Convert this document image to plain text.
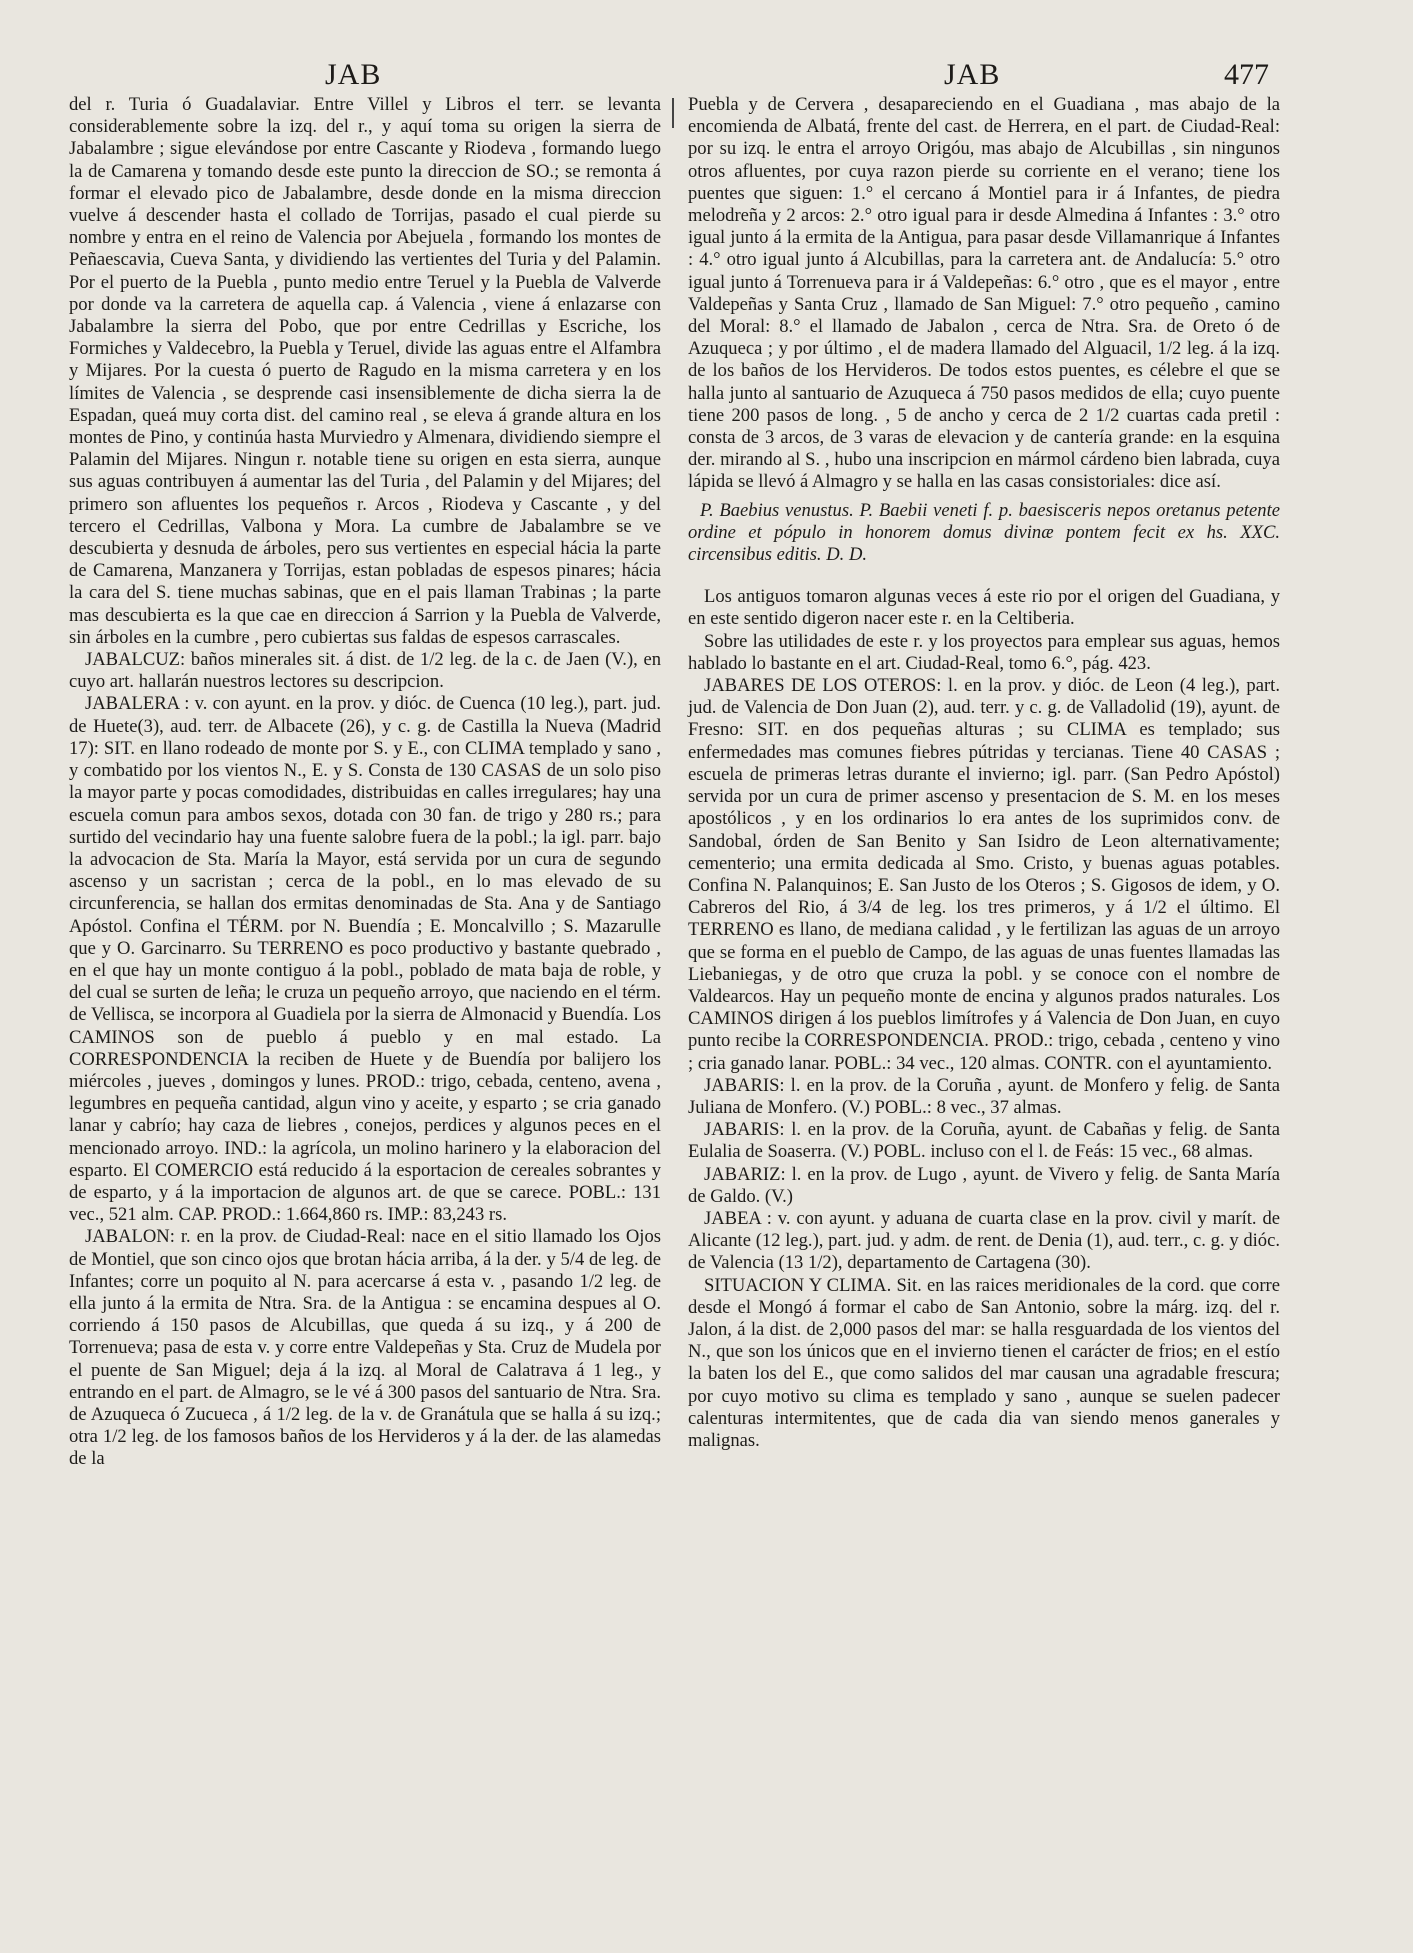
JAB	JAB	477

del r. Turia ó Guadalaviar. Entre Villel y Libros el terr. se levanta considerablemente sobre la izq. del r., y aquí toma su origen la sierra de Jabalambre ; sigue elevándose por entre Cascante y Riodeva , formando luego la de Camarena y tomando desde este punto la direccion de SO.; se remonta á formar el elevado pico de Jabalambre, desde donde en la misma direccion vuelve á descender hasta el collado de Torrijas, pasado el cual pierde su nombre y entra en el reino de Valencia por Abejuela , formando los montes de Peñaescavia, Cueva Santa, y dividiendo las vertientes del Turia y del Palamin. Por el puerto de la Puebla , punto medio entre Teruel y la Puebla de Valverde por donde va la carretera de aquella cap. á Valencia , viene á enlazarse con Jabalambre la sierra del Pobo, que por entre Cedrillas y Escriche, los Formiches y Valdecebro, la Puebla y Teruel, divide las aguas entre el Alfambra y Mijares. Por la cuesta ó puerto de Ragudo en la misma carretera y en los límites de Valencia , se desprende casi insensiblemente de dicha sierra la de Espadan, queá muy corta dist. del camino real , se eleva á grande altura en los montes de Pino, y continúa hasta Murviedro y Almenara, dividiendo siempre el Palamin del Mijares. Ningun r. notable tiene su origen en esta sierra, aunque sus aguas contribuyen á aumentar las del Turia , del Palamin y del Mijares; del primero son afluentes los pequeños r. Arcos , Riodeva y Cascante , y del tercero el Cedrillas, Valbona y Mora. La cumbre de Jabalambre se ve descubierta y desnuda de árboles, pero sus vertientes en especial hácia la parte de Camarena, Manzanera y Torrijas, estan pobladas de espesos pinares; hácia la cara del S. tiene muchas sabinas, que en el pais llaman Trabinas ; la parte mas descubierta es la que cae en direccion á Sarrion y la Puebla de Valverde, sin árboles en la cumbre , pero cubiertas sus faldas de espesos carrascales.

JABALCUZ: baños minerales sit. á dist. de 1/2 leg. de la c. de Jaen (V.), en cuyo art. hallarán nuestros lectores su descripcion.

JABALERA : v. con ayunt. en la prov. y dióc. de Cuenca (10 leg.), part. jud. de Huete(3), aud. terr. de Albacete (26), y c. g. de Castilla la Nueva (Madrid 17): SIT. en llano rodeado de monte por S. y E., con CLIMA templado y sano , y combatido por los vientos N., E. y S. Consta de 130 CASAS de un solo piso la mayor parte y pocas comodidades, distribuidas en calles irregulares; hay una escuela comun para ambos sexos, dotada con 30 fan. de trigo y 280 rs.; para surtido del vecindario hay una fuente salobre fuera de la pobl.; la igl. parr. bajo la advocacion de Sta. María la Mayor, está servida por un cura de segundo ascenso y un sacristan ; cerca de la pobl., en lo mas elevado de su circunferencia, se hallan dos ermitas denominadas de Sta. Ana y de Santiago Apóstol. Confina el TÉRM. por N. Buendía ; E. Moncalvillo ; S. Mazarulle que y O. Garcinarro. Su TERRENO es poco productivo y bastante quebrado , en el que hay un monte contiguo á la pobl., poblado de mata baja de roble, y del cual se surten de leña; le cruza un pequeño arroyo, que naciendo en el térm. de Vellisca, se incorpora al Guadiela por la sierra de Almonacid y Buendía. Los CAMINOS son de pueblo á pueblo y en mal estado. La CORRESPONDENCIA la reciben de Huete y de Buendía por balijero los miércoles , jueves , domingos y lunes. PROD.: trigo, cebada, centeno, avena , legumbres en pequeña cantidad, algun vino y aceite, y esparto ; se cria ganado lanar y cabrío; hay caza de liebres , conejos, perdices y algunos peces en el mencionado arroyo. IND.: la agrícola, un molino harinero y la elaboracion del esparto. El COMERCIO está reducido á la esportacion de cereales sobrantes y de esparto, y á la importacion de algunos art. de que se carece. POBL.: 131 vec., 521 alm. CAP. PROD.: 1.664,860 rs. IMP.: 83,243 rs.

JABALON: r. en la prov. de Ciudad-Real: nace en el sitio llamado los Ojos de Montiel, que son cinco ojos que brotan hácia arriba, á la der. y 5/4 de leg. de Infantes; corre un poquito al N. para acercarse á esta v. , pasando 1/2 leg. de ella junto á la ermita de Ntra. Sra. de la Antigua : se encamina despues al O. corriendo á 150 pasos de Alcubillas, que queda á su izq., y á 200 de Torrenueva; pasa de esta v. y corre entre Valdepeñas y Sta. Cruz de Mudela por el puente de San Miguel; deja á la izq. al Moral de Calatrava á 1 leg., y entrando en el part. de Almagro, se le vé á 300 pasos del santuario de Ntra. Sra. de Azuqueca ó Zucueca , á 1/2 leg. de la v. de Granátula que se halla á su izq.; otra 1/2 leg. de los famosos baños de los Hervideros y á la der. de las alamedas de la

Puebla y de Cervera , desapareciendo en el Guadiana , mas abajo de la encomienda de Albatá, frente del cast. de Herrera, en el part. de Ciudad-Real: por su izq. le entra el arroyo Origóu, mas abajo de Alcubillas , sin ningunos otros afluentes, por cuya razon pierde su corriente en el verano; tiene los puentes que siguen: 1.° el cercano á Montiel para ir á Infantes, de piedra melodreña y 2 arcos: 2.° otro igual para ir desde Almedina á Infantes : 3.° otro igual junto á la ermita de la Antigua, para pasar desde Villamanrique á Infantes : 4.° otro igual junto á Alcubillas, para la carretera ant. de Andalucía: 5.° otro igual junto á Torrenueva para ir á Valdepeñas: 6.° otro , que es el mayor , entre Valdepeñas y Santa Cruz , llamado de San Miguel: 7.° otro pequeño , camino del Moral: 8.° el llamado de Jabalon , cerca de Ntra. Sra. de Oreto ó de Azuqueca ; y por último , el de madera llamado del Alguacil, 1/2 leg. á la izq. de los baños de los Hervideros. De todos estos puentes, es célebre el que se halla junto al santuario de Azuqueca á 750 pasos medidos de ella; cuyo puente tiene 200 pasos de long. , 5 de ancho y cerca de 2 1/2 cuartas cada pretil : consta de 3 arcos, de 3 varas de elevacion y de cantería grande: en la esquina der. mirando al S. , hubo una inscripcion en mármol cárdeno bien labrada, cuya lápida se llevó á Almagro y se halla en las casas consistoriales: dice así.

P. Baebius venustus. P. Baebii veneti f. p. baesisceris nepos oretanus petente ordine et pópulo in honorem domus divinæ pontem fecit ex hs. XXC. circensibus editis. D. D.

Los antiguos tomaron algunas veces á este rio por el origen del Guadiana, y en este sentido digeron nacer este r. en la Celtiberia.

Sobre las utilidades de este r. y los proyectos para emplear sus aguas, hemos hablado lo bastante en el art. Ciudad-Real, tomo 6.°, pág. 423.

JABARES DE LOS OTEROS: l. en la prov. y dióc. de Leon (4 leg.), part. jud. de Valencia de Don Juan (2), aud. terr. y c. g. de Valladolid (19), ayunt. de Fresno: SIT. en dos pequeñas alturas ; su CLIMA es templado; sus enfermedades mas comunes fiebres pútridas y tercianas. Tiene 40 CASAS ; escuela de primeras letras durante el invierno; igl. parr. (San Pedro Apóstol) servida por un cura de primer ascenso y presentacion de S. M. en los meses apostólicos , y en los ordinarios lo era antes de los suprimidos conv. de Sandobal, órden de San Benito y San Isidro de Leon alternativamente; cementerio; una ermita dedicada al Smo. Cristo, y buenas aguas potables. Confina N. Palanquinos; E. San Justo de los Oteros ; S. Gigosos de idem, y O. Cabreros del Rio, á 3/4 de leg. los tres primeros, y á 1/2 el último. El TERRENO es llano, de mediana calidad , y le fertilizan las aguas de un arroyo que se forma en el pueblo de Campo, de las aguas de unas fuentes llamadas las Liebaniegas, y de otro que cruza la pobl. y se conoce con el nombre de Valdearcos. Hay un pequeño monte de encina y algunos prados naturales. Los CAMINOS dirigen á los pueblos limítrofes y á Valencia de Don Juan, en cuyo punto recibe la CORRESPONDENCIA. PROD.: trigo, cebada , centeno y vino ; cria ganado lanar. POBL.: 34 vec., 120 almas. CONTR. con el ayuntamiento.

JABARIS: l. en la prov. de la Coruña , ayunt. de Monfero y felig. de Santa Juliana de Monfero. (V.) POBL.: 8 vec., 37 almas.

JABARIS: l. en la prov. de la Coruña, ayunt. de Cabañas y felig. de Santa Eulalia de Soaserra. (V.) POBL. incluso con el l. de Feás: 15 vec., 68 almas.

JABARIZ: l. en la prov. de Lugo , ayunt. de Vivero y felig. de Santa María de Galdo. (V.)

JABEA : v. con ayunt. y aduana de cuarta clase en la prov. civil y marít. de Alicante (12 leg.), part. jud. y adm. de rent. de Denia (1), aud. terr., c. g. y dióc. de Valencia (13 1/2), departamento de Cartagena (30).

SITUACION Y CLIMA. Sit. en las raices meridionales de la cord. que corre desde el Mongó á formar el cabo de San Antonio, sobre la márg. izq. del r. Jalon, á la dist. de 2,000 pasos del mar: se halla resguardada de los vientos del N., que son los únicos que en el invierno tienen el carácter de frios; en el estío la baten los del E., que como salidos del mar causan una agradable frescura; por cuyo motivo su clima es templado y sano , aunque se suelen padecer calenturas intermitentes, que de cada dia van siendo menos ganerales y malignas.
